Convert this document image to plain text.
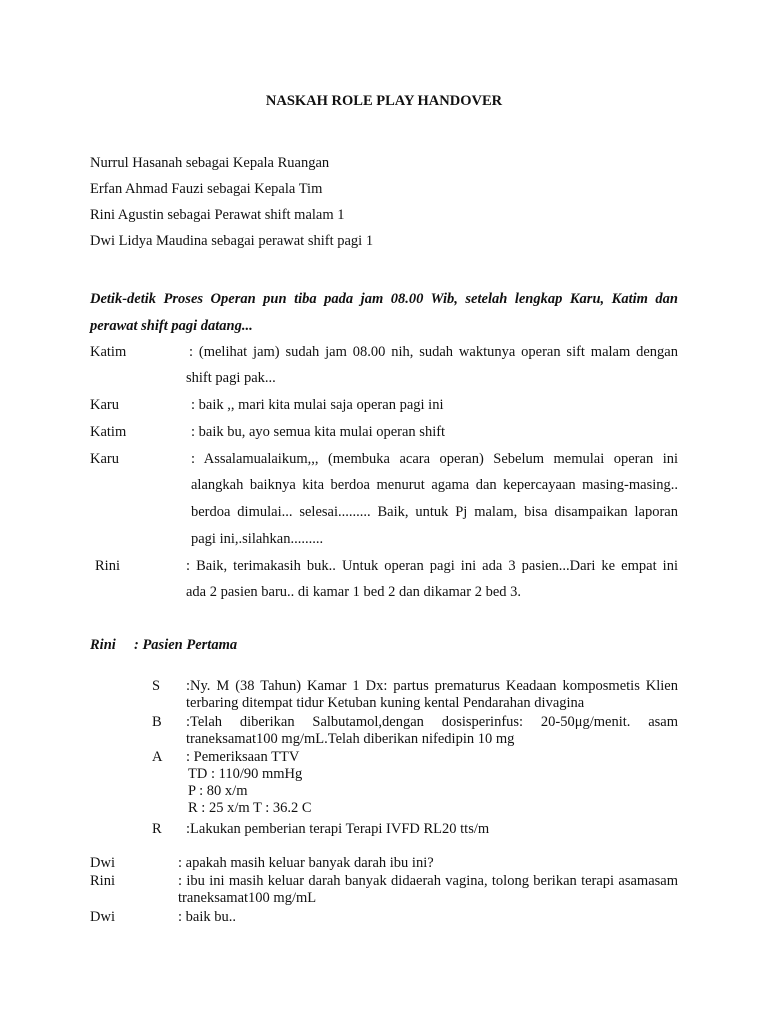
NASKAH ROLE PLAY HANDOVER
Nurrul Hasanah sebagai Kepala Ruangan
Erfan Ahmad Fauzi sebagai Kepala Tim
Rini Agustin sebagai Perawat shift malam 1
Dwi Lidya Maudina sebagai perawat shift pagi 1
Detik-detik Proses Operan pun tiba pada jam 08.00 Wib, setelah lengkap Karu, Katim dan
perawat shift pagi datang...
Katim	: (melihat jam) sudah jam 08.00 nih, sudah waktunya operan sift malam dengan
shift pagi pak...
Karu	: baik ,, mari kita mulai saja operan pagi ini
Katim	: baik bu, ayo semua kita mulai operan shift
Karu	: Assalamualaikum,,, (membuka acara operan) Sebelum memulai operan ini
alangkah baiknya kita berdoa menurut agama dan kepercayaan masing-masing..
berdoa dimulai... selesai......... Baik, untuk Pj malam, bisa disampaikan laporan
pagi ini,.silahkan.........
Rini	: Baik, terimakasih buk.. Untuk operan pagi ini ada 3 pasien...Dari ke empat ini
ada 2 pasien baru.. di kamar 1 bed 2 dan dikamar 2 bed 3.
Rini : Pasien Pertama
S :Ny. M (38 Tahun) Kamar 1 Dx: partus prematurus Keadaan komposmetis Klien terbaring ditempat tidur Ketuban kuning kental Pendarahan divagina
B :Telah diberikan Salbutamol,dengan dosisperinfus: 20-50μg/menit. asam traneksamat100 mg/mL.Telah diberikan nifedipin 10 mg
A : Pemeriksaan TTV
TD : 110/90 mmHg
P : 80 x/m
R : 25 x/m T : 36.2 C
R :Lakukan pemberian terapi Terapi IVFD RL20 tts/m
Dwi	: apakah masih keluar banyak darah ibu ini?
Rini	: ibu ini masih keluar darah banyak didaerah vagina, tolong berikan terapi asamasam traneksamat100 mg/mL
Dwi	: baik bu..
